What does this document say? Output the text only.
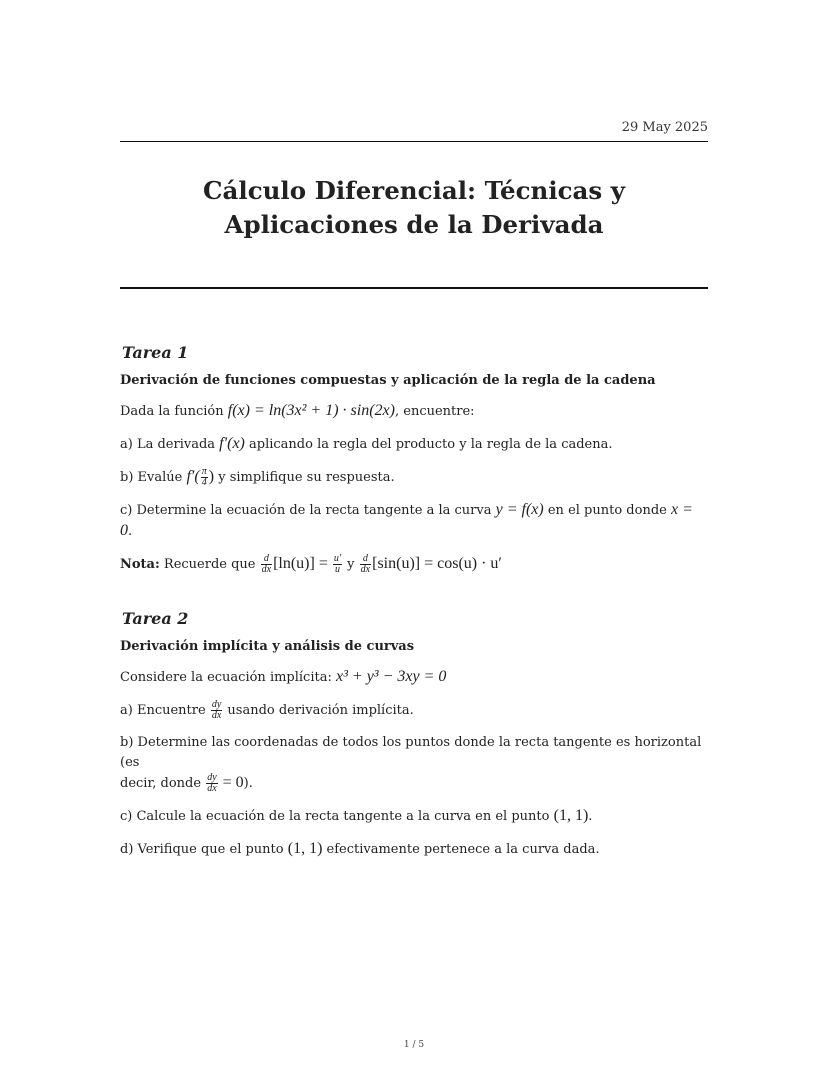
29 May 2025
Cálculo Diferencial: Técnicas y Aplicaciones de la Derivada
Tarea 1
Derivación de funciones compuestas y aplicación de la regla de la cadena
Dada la función f(x) = ln(3x² + 1) · sin(2x), encuentre:
a) La derivada f′(x) aplicando la regla del producto y la regla de la cadena.
b) Evalúe $f'( \frac{\pi}{4}$ ) y simplifique su respuesta.
c) Determine la ecuación de la recta tangente a la curva y = f(x) en el punto donde x = 0.
Nota: Recuerde que $\frac{d}{dx} [\ln(u)] = \frac{u'}{u}$ y $\frac{d}{dx} [\sin(u)] = \cos(u) \cdot u'$
Tarea 2
Derivación implícita y análisis de curvas
Considere la ecuación implícita: x³ + y³ − 3xy = 0
a) Encuentre $\frac{dy}{dx}$ usando derivación implícita.
b) Determine las coordenadas de todos los puntos donde la recta tangente es horizontal (es
decir, donde $\frac{dy}{dx} = 0$).
c) Calcule la ecuación de la recta tangente a la curva en el punto (1, 1).
d) Verifique que el punto (1, 1) efectivamente pertenece a la curva dada.
1 / 5
